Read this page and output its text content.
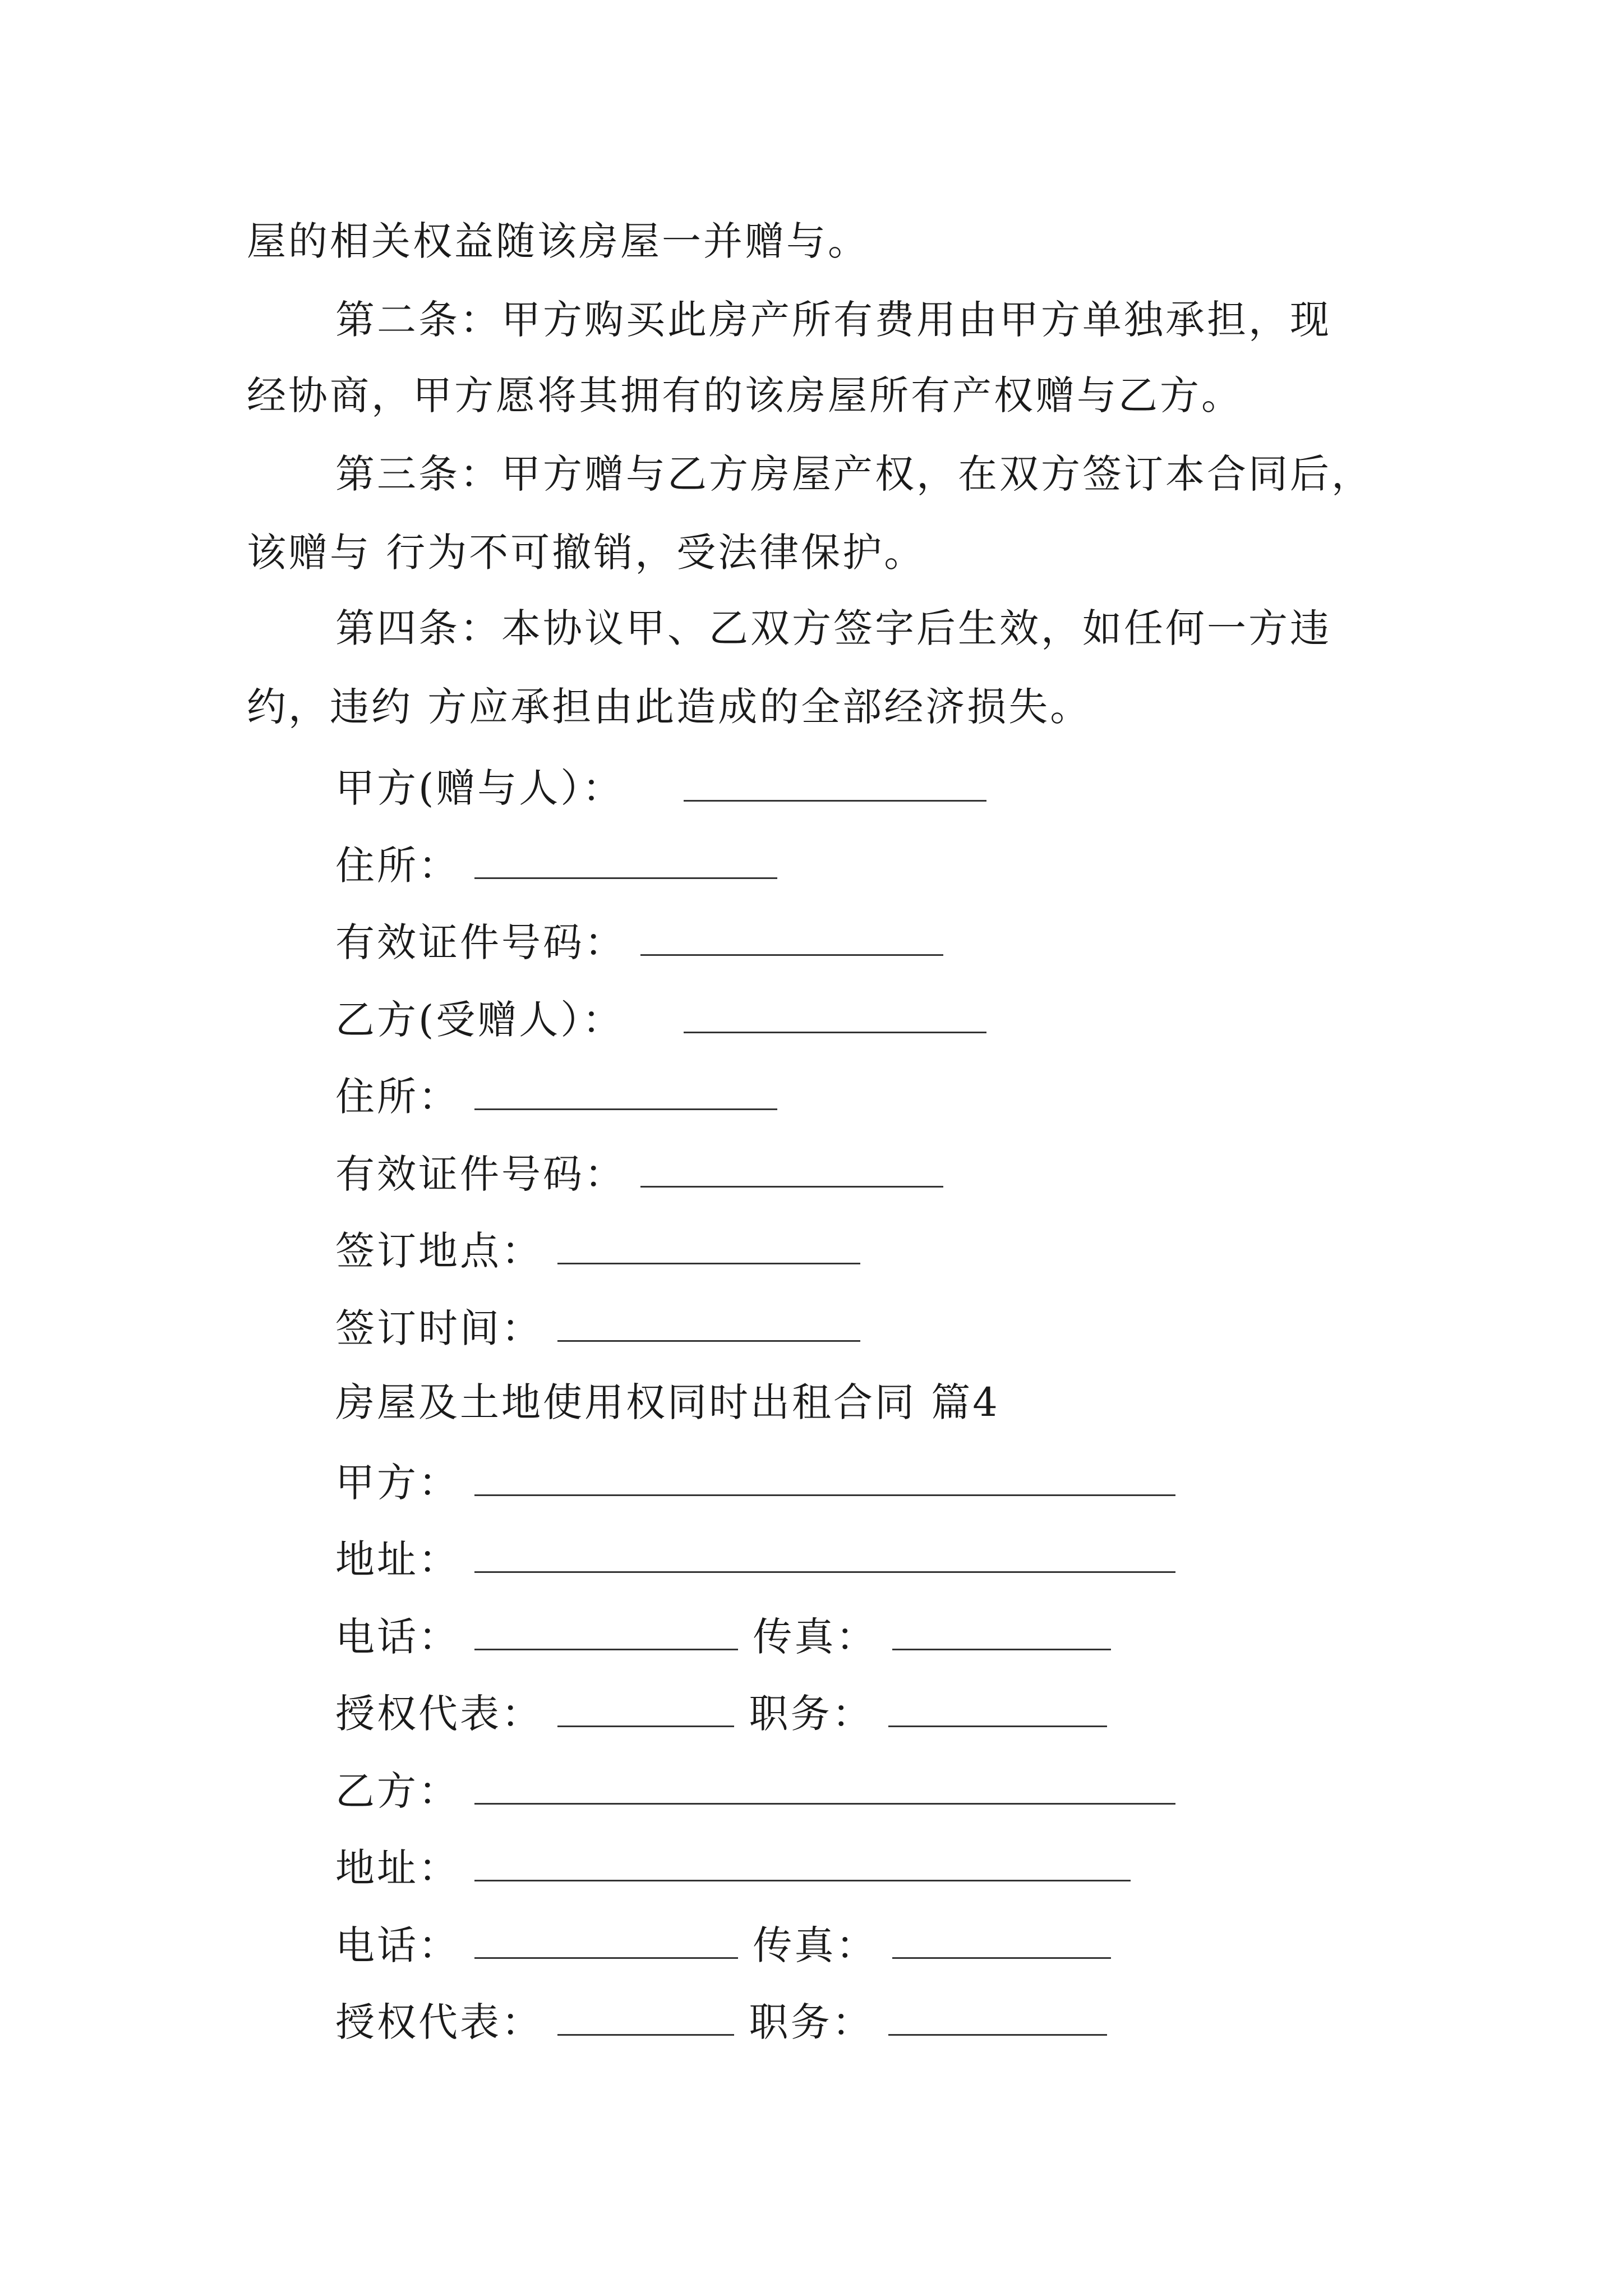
屋的相关权益随该房屋一并赠与。
第二条：甲方购买此房产所有费用由甲方单独承担，现
经协商，甲方愿将其拥有的该房屋所有产权赠与乙方。
第三条：甲方赠与乙方房屋产权，在双方签订本合同后，
该赠与 行为不可撤销，受法律保护。
第四条：本协议甲、乙双方签字后生效，如任何一方违
约，违约 方应承担由此造成的全部经济损失。
甲方(赠与人）：
住所：
有效证件号码：
乙方(受赠人）：
住所：
有效证件号码：
签订地点：
签订时间：
房屋及土地使用权同时出租合同 篇4
甲方：
地址：
电话：	传真：
授权代表：	职务：
乙方：
地址：
电话：	传真：
授权代表：	职务：
